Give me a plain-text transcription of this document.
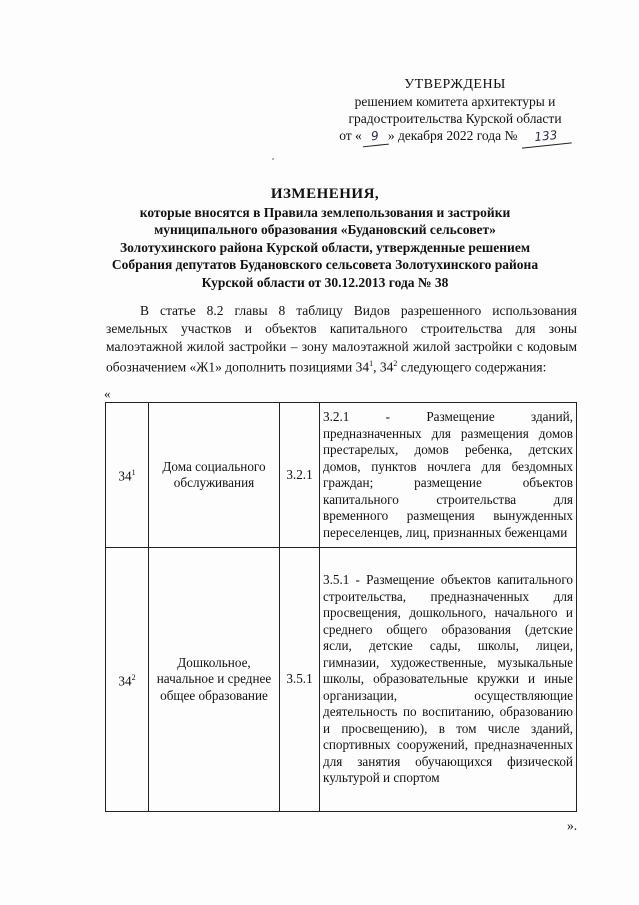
УТВЕРЖДЕНЫ
решением комитета архитектуры и
градостроительства Курской области
от « 9 » декабря 2022 года № 133
ИЗМЕНЕНИЯ,
которые вносятся в Правила землепользования и застройки
муниципального образования «Будановский сельсовет»
Золотухинского района Курской области, утвержденные решением
Собрания депутатов Будановского сельсовета Золотухинского района
Курской области от 30.12.2013 года № 38
В статье 8.2 главы 8 таблицу Видов разрешенного использования земельных участков и объектов капитального строительства для зоны малоэтажной жилой застройки – зону малоэтажной жилой застройки с кодовым обозначением «Ж1» дополнить позициями $34^1$, $34^2$ следующего содержания:
«
$34^1$	Дома социального обслуживания	3.2.1	3.2.1 - Размещение зданий, предназначенных для размещения домов престарелых, домов ребенка, детских домов, пунктов ночлега для бездомных граждан; размещение объектов капитального строительства для временного размещения вынужденных переселенцев, лиц, признанных беженцами
$34^2$	Дошкольное, начальное и среднее общее образование	3.5.1	3.5.1 - Размещение объектов капитального строительства, предназначенных для просвещения, дошкольного, начального и среднего общего образования (детские ясли, детские сады, школы, лицеи, гимназии, художественные, музыкальные школы, образовательные кружки и иные организации, осуществляющие деятельность по воспитанию, образованию и просвещению), в том числе зданий, спортивных сооружений, предназначенных для занятия обучающихся физической культурой и спортом
».
